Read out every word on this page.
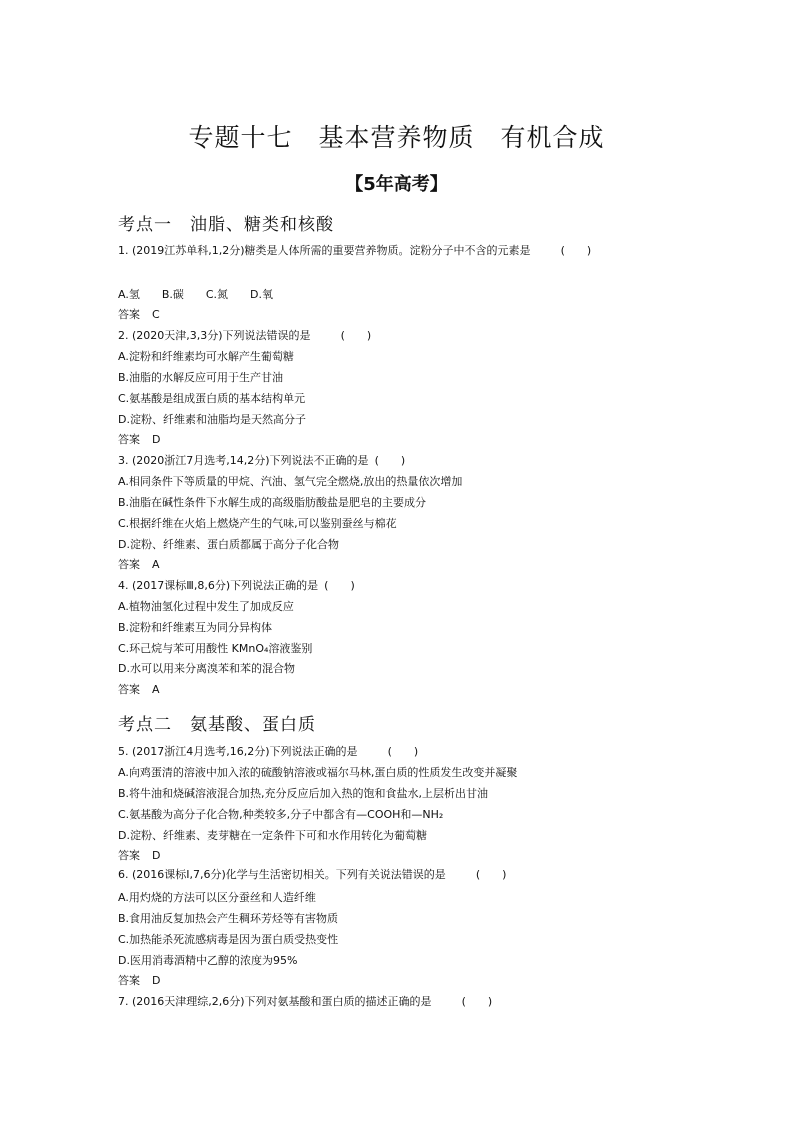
专题十七　基本营养物质　有机合成
【5年高考】
考点一　油脂、糖类和核酸
1. (2019江苏单科,1,2分)糖类是人体所需的重要营养物质。淀粉分子中不含的元素是	(　　)
A.氢　　B.碳　　C.氮　　D.氧
答案 C
2. (2020天津,3,3分)下列说法错误的是	(　　)
A.淀粉和纤维素均可水解产生葡萄糖
B.油脂的水解反应可用于生产甘油
C.氨基酸是组成蛋白质的基本结构单元
D.淀粉、纤维素和油脂均是天然高分子
答案 D
3. (2020浙江7月选考,14,2分)下列说法不正确的是 (　　)
A.相同条件下等质量的甲烷、汽油、氢气完全燃烧,放出的热量依次增加
B.油脂在碱性条件下水解生成的高级脂肪酸盐是肥皂的主要成分
C.根据纤维在火焰上燃烧产生的气味,可以鉴别蚕丝与棉花
D.淀粉、纤维素、蛋白质都属于高分子化合物
答案 A
4. (2017课标Ⅲ,8,6分)下列说法正确的是 (　　)
A.植物油氢化过程中发生了加成反应
B.淀粉和纤维素互为同分异构体
C.环己烷与苯可用酸性 KMnO₄溶液鉴别
D.水可以用来分离溴苯和苯的混合物
答案 A
考点二　氨基酸、蛋白质
5. (2017浙江4月选考,16,2分)下列说法正确的是	(　　)
A.向鸡蛋清的溶液中加入浓的硫酸钠溶液或福尔马林,蛋白质的性质发生改变并凝聚
B.将牛油和烧碱溶液混合加热,充分反应后加入热的饱和食盐水,上层析出甘油
C.氨基酸为高分子化合物,种类较多,分子中都含有—COOH和—NH₂
D.淀粉、纤维素、麦芽糖在一定条件下可和水作用转化为葡萄糖
答案 D
6. (2016课标Ⅰ,7,6分)化学与生活密切相关。下列有关说法错误的是	(　　)
A.用灼烧的方法可以区分蚕丝和人造纤维
B.食用油反复加热会产生稠环芳烃等有害物质
C.加热能杀死流感病毒是因为蛋白质受热变性
D.医用消毒酒精中乙醇的浓度为95%
答案 D
7. (2016天津理综,2,6分)下列对氨基酸和蛋白质的描述正确的是	(　　)
